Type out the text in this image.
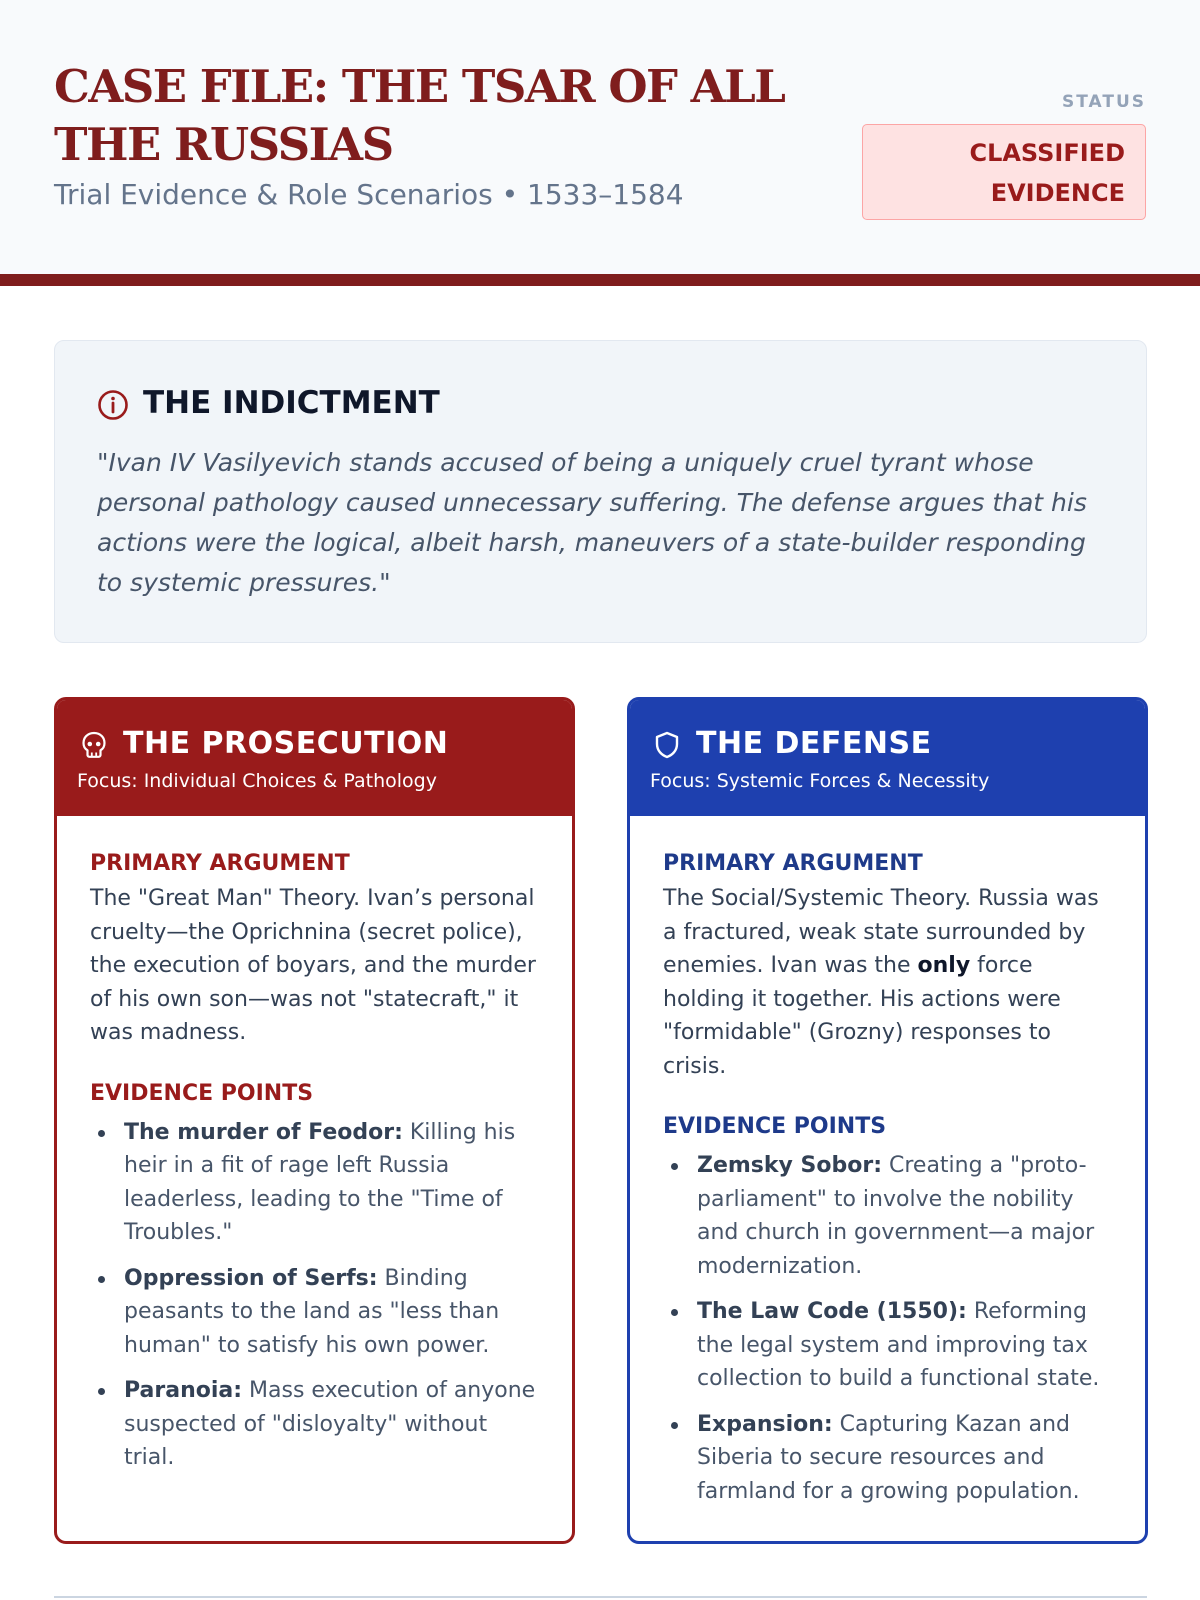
CASE FILE: THE TSAR OF ALL THE RUSSIAS
Trial Evidence & Role Scenarios • 1533–1584
STATUS
CLASSIFIED
EVIDENCE
THE INDICTMENT

"Ivan IV Vasilyevich stands accused of being a uniquely cruel tyrant whose personal pathology caused unnecessary suffering. The defense argues that his actions were the logical, albeit harsh, maneuvers of a state-builder responding to systemic pressures."

THE PROSECUTION
Focus: Individual Choices & Pathology
PRIMARY ARGUMENT

The "Great Man" Theory. Ivan’s personal cruelty—the Oprichnina (secret police), the execution of boyars, and the murder of his own son—was not "statecraft," it was madness.

EVIDENCE POINTS
The murder of Feodor: Killing his heir in a fit of rage left Russia leaderless, leading to the "Time of Troubles."
Oppression of Serfs: Binding peasants to the land as "less than human" to satisfy his own power.
Paranoia: Mass execution of anyone suspected of "disloyalty" without trial.
THE DEFENSE
Focus: Systemic Forces & Necessity
PRIMARY ARGUMENT

The Social/Systemic Theory. Russia was a fractured, weak state surrounded by enemies. Ivan was the only force holding it together. His actions were "formidable" (Grozny) responses to crisis.

EVIDENCE POINTS
Zemsky Sobor: Creating a "proto-parliament" to involve the nobility and church in government—a major modernization.
The Law Code (1550): Reforming the legal system and improving tax collection to build a functional state.
Expansion: Capturing Kazan and Siberia to secure resources and farmland for a growing population.
